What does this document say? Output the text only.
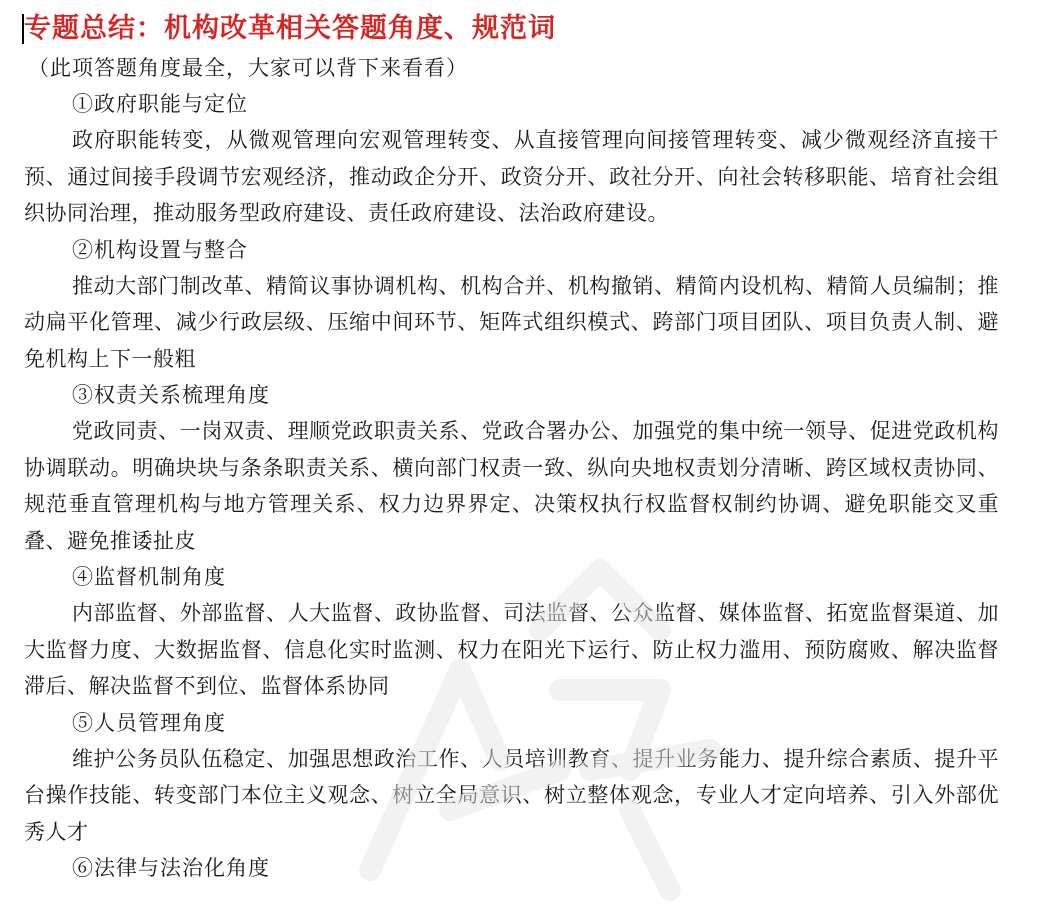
专题总结：机构改革相关答题角度、规范词
（此项答题角度最全，大家可以背下来看看）
①政府职能与定位
政府职能转变，从微观管理向宏观管理转变、从直接管理向间接管理转变、减少微观经济直接干预、通过间接手段调节宏观经济，推动政企分开、政资分开、政社分开、向社会转移职能、培育社会组织协同治理，推动服务型政府建设、责任政府建设、法治政府建设。
②机构设置与整合
推动大部门制改革、精简议事协调机构、机构合并、机构撤销、精简内设机构、精简人员编制；推动扁平化管理、减少行政层级、压缩中间环节、矩阵式组织模式、跨部门项目团队、项目负责人制、避免机构上下一般粗
③权责关系梳理角度
党政同责、一岗双责、理顺党政职责关系、党政合署办公、加强党的集中统一领导、促进党政机构协调联动。明确块块与条条职责关系、横向部门权责一致、纵向央地权责划分清晰、跨区域权责协同、规范垂直管理机构与地方管理关系、权力边界界定、决策权执行权监督权制约协调、避免职能交叉重叠、避免推诿扯皮
④监督机制角度
内部监督、外部监督、人大监督、政协监督、司法监督、公众监督、媒体监督、拓宽监督渠道、加大监督力度、大数据监督、信息化实时监测、权力在阳光下运行、防止权力滥用、预防腐败、解决监督滞后、解决监督不到位、监督体系协同
⑤人员管理角度
维护公务员队伍稳定、加强思想政治工作、人员培训教育、提升业务能力、提升综合素质、提升平台操作技能、转变部门本位主义观念、树立全局意识、树立整体观念，专业人才定向培养、引入外部优秀人才
⑥法律与法治化角度
